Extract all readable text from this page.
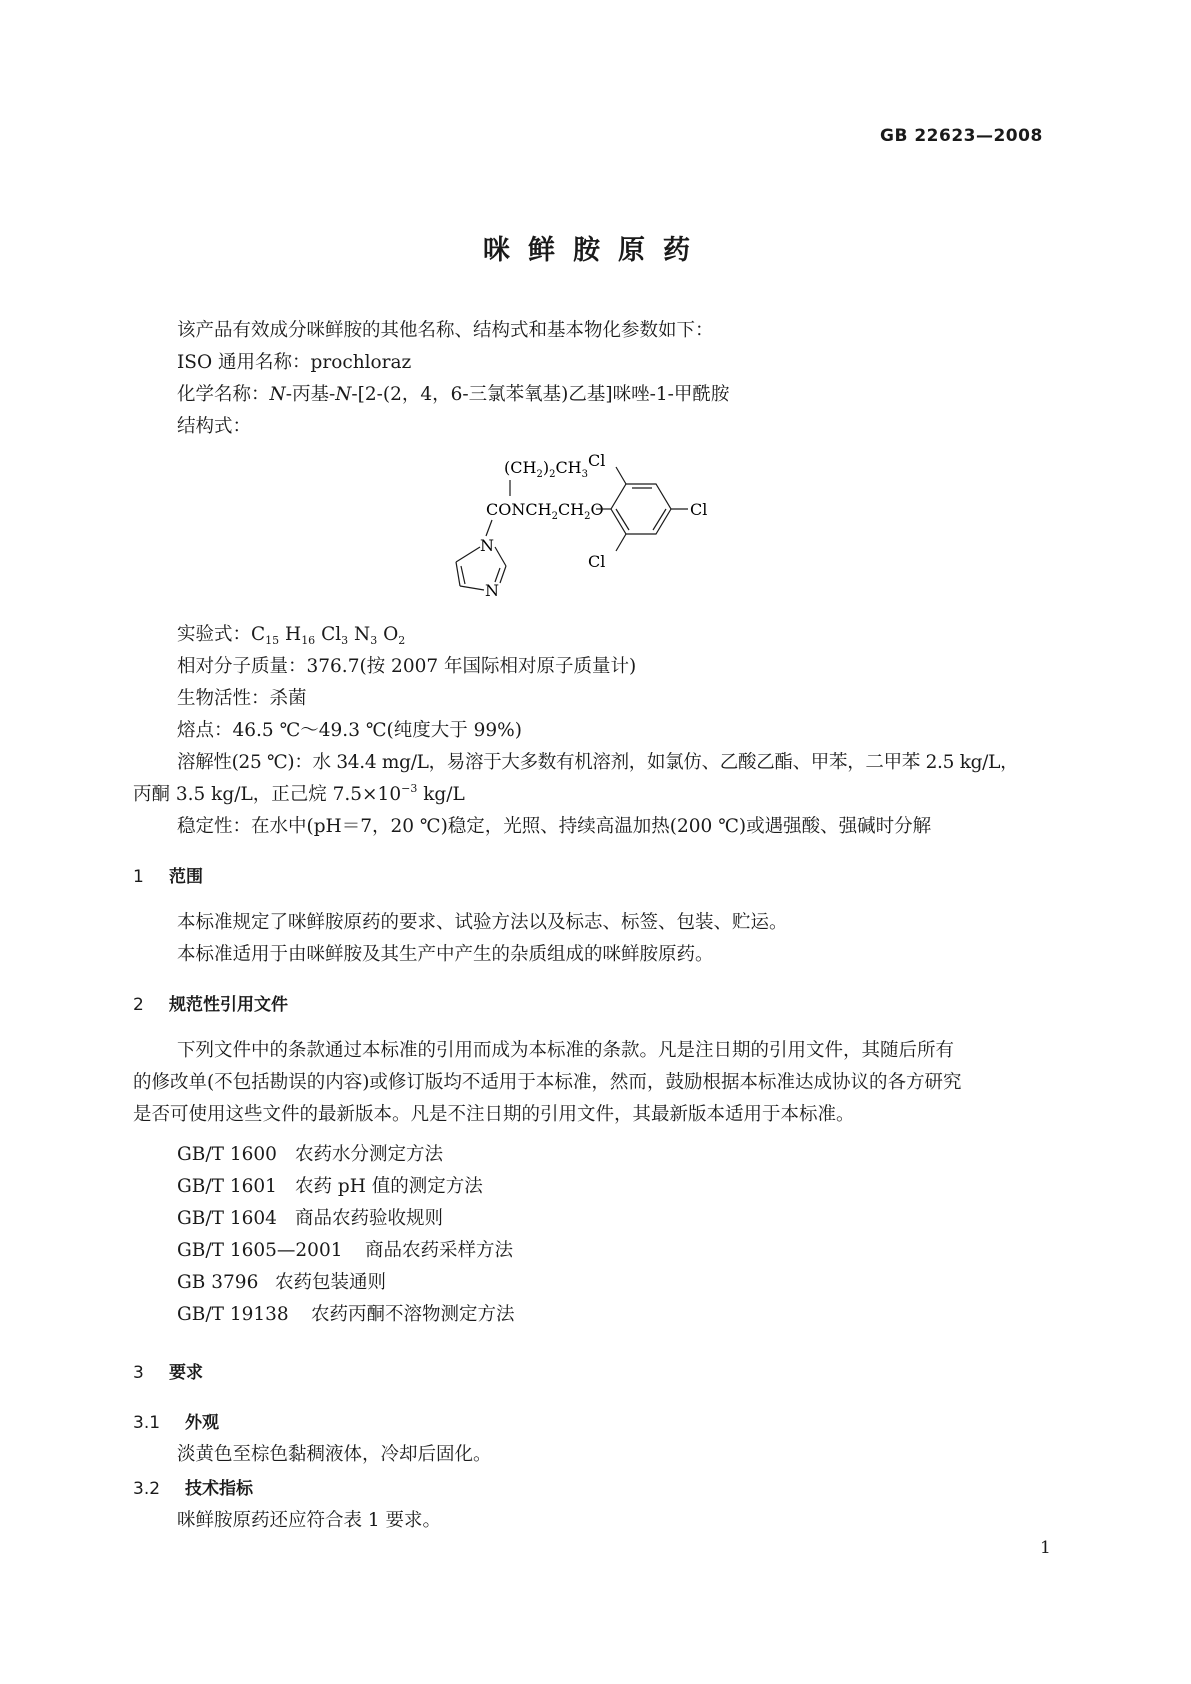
GB 22623—2008
咪鲜胺原药
该产品有效成分咪鲜胺的其他名称、结构式和基本物化参数如下：
ISO 通用名称：prochloraz
化学名称：N-丙基-N-[2-(2，4，6-三氯苯氧基)乙基]咪唑-1-甲酰胺
结构式：
$(CH_2)_2CH_3$
$CONCH_2CH_2O$
Cl
Cl
Cl
N
N
实验式：$C_{15}$ $H_{16}$ $Cl_3$ $N_3$ $O_2$
相对分子质量：376.7(按 2007 年国际相对原子质量计)
生物活性：杀菌
熔点：46.5 ℃～49.3 ℃(纯度大于 99%)
溶解性(25 ℃)：水 34.4 mg/L，易溶于大多数有机溶剂，如氯仿、乙酸乙酯、甲苯，二甲苯 2.5 kg/L，
丙酮 3.5 kg/L，正己烷 $7.5\times 10^{-3}$ kg/L
稳定性：在水中(pH＝7，20 ℃)稳定，光照、持续高温加热(200 ℃)或遇强酸、强碱时分解
1 范围
本标准规定了咪鲜胺原药的要求、试验方法以及标志、标签、包装、贮运。
本标准适用于由咪鲜胺及其生产中产生的杂质组成的咪鲜胺原药。
2 规范性引用文件
下列文件中的条款通过本标准的引用而成为本标准的条款。凡是注日期的引用文件，其随后所有
的修改单(不包括勘误的内容)或修订版均不适用于本标准，然而，鼓励根据本标准达成协议的各方研究
是否可使用这些文件的最新版本。凡是不注日期的引用文件，其最新版本适用于本标准。
GB/T 1600 农药水分测定方法
GB/T 1601 农药 pH 值的测定方法
GB/T 1604 商品农药验收规则
GB/T 1605—2001 商品农药采样方法
GB 3796 农药包装通则
GB/T 19138 农药丙酮不溶物测定方法
3 要求
3.1 外观
淡黄色至棕色黏稠液体，冷却后固化。
3.2 技术指标
咪鲜胺原药还应符合表 1 要求。
1
